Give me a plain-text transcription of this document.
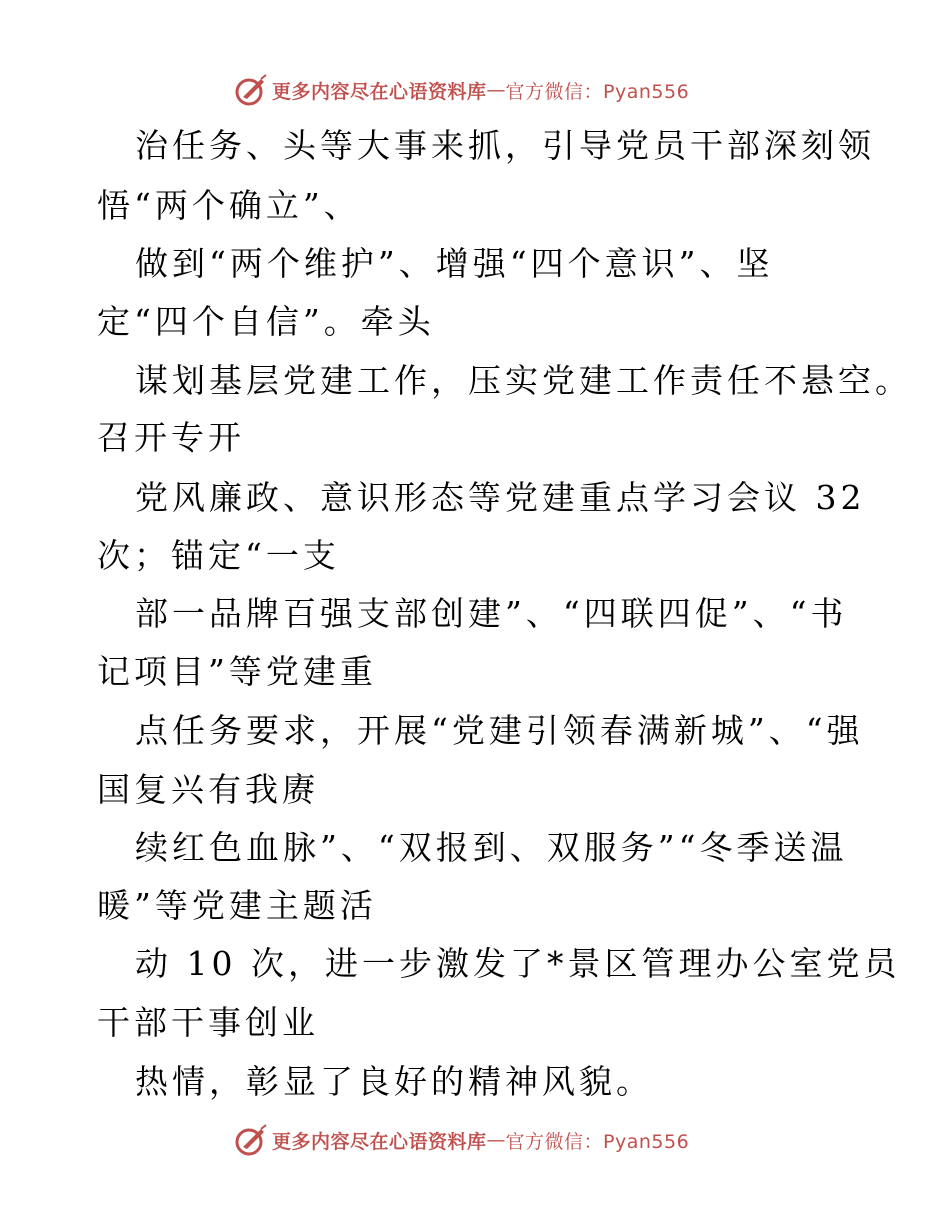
更多内容尽在心语资料库 — 官方微信：Pyan556
治任务、头等大事来抓，引导党员干部深刻领
悟“两个确立”、
做到“两个维护”、增强“四个意识”、坚
定“四个自信”。牵头
谋划基层党建工作，压实党建工作责任不悬空。
召开专开
党风廉政、意识形态等党建重点学习会议 32
次；锚定“一支
部一品牌百强支部创建”、“四联四促”、“书
记项目”等党建重
点任务要求，开展“党建引领春满新城”、“强
国复兴有我赓
续红色血脉”、“双报到、双服务”“冬季送温
暖”等党建主题活
动 10 次，进一步激发了*景区管理办公室党员
干部干事创业
热情，彰显了良好的精神风貌。
更多内容尽在心语资料库 — 官方微信：Pyan556
